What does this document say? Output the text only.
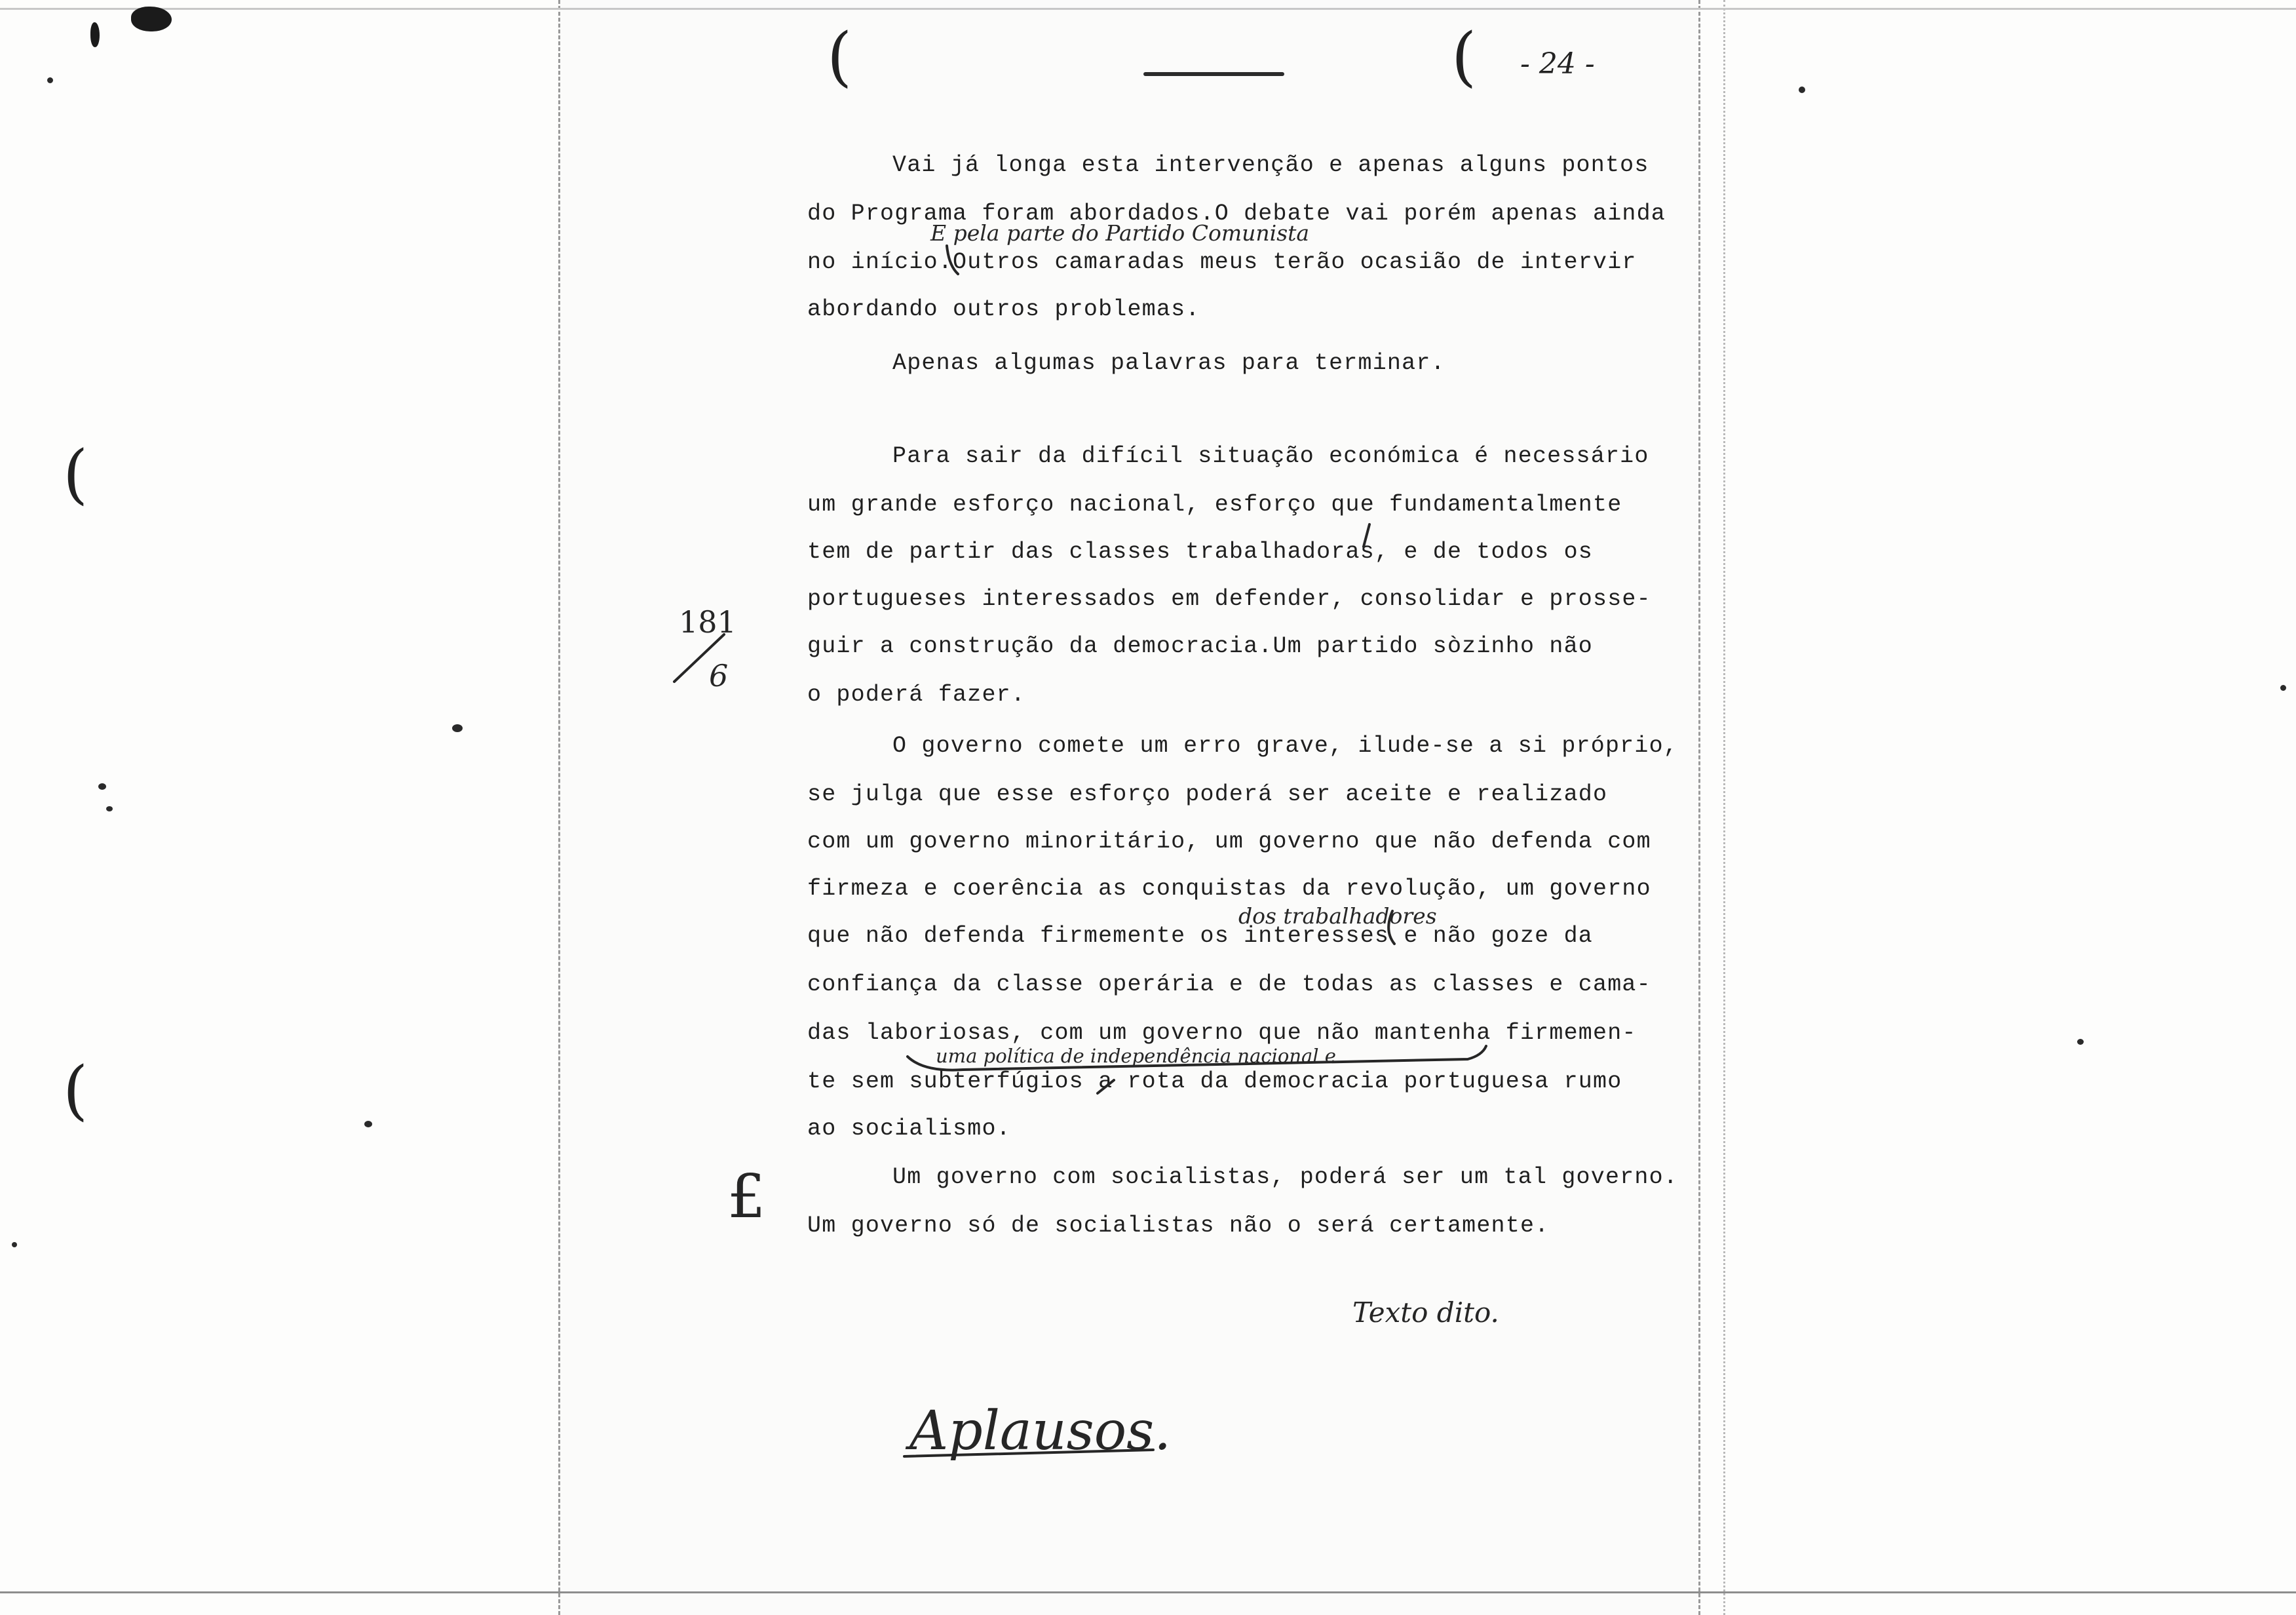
(	(
(
(
- 24 -
Vai já longa esta intervenção e apenas alguns pontos
do Programa foram abordados.O debate vai porém apenas ainda
no início.Outros camaradas meus terão ocasião de intervir
abordando outros problemas.
Apenas algumas palavras para terminar.
Para sair da difícil situação económica é necessário
um grande esforço nacional, esforço que fundamentalmente
tem de partir das classes trabalhadoras, e de todos os
portugueses interessados em defender, consolidar e prosse-
guir a construção da democracia.Um partido sòzinho não
o poderá fazer.
O governo comete um erro grave, ilude-se a si próprio,
se julga que esse esforço poderá ser aceite e realizado
com um governo minoritário, um governo que não defenda com
firmeza e coerência as conquistas da revolução, um governo
que não defenda firmemente os interesses e não goze da
confiança da classe operária e de todas as classes e cama-
das laboriosas, com um governo que não mantenha firmemen-
te sem subterfúgios a rota da democracia portuguesa rumo
ao socialismo.
Um governo com socialistas, poderá ser um tal governo.
Um governo só de socialistas não o será certamente.
E pela parte do Partido Comunista
dos trabalhadores
uma política de independência nacional e
181
6
£
Texto dito.
Aplausos.
